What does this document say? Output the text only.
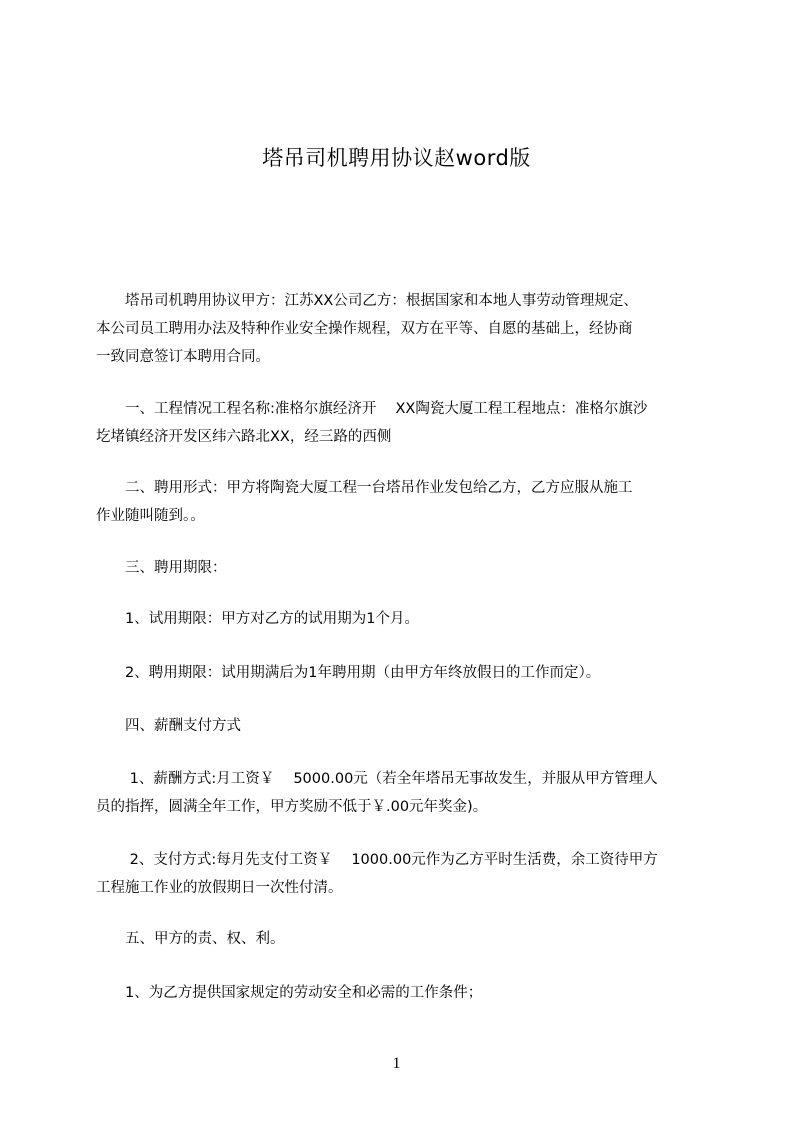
塔吊司机聘用协议赵word版
　　塔吊司机聘用协议甲方：江苏XX公司乙方：根据国家和本地人事劳动管理规定、
本公司员工聘用办法及特种作业安全操作规程，双方在平等、自愿的基础上，经协商
一致同意签订本聘用合同。
　　一、工程情况工程名称:准格尔旗经济开　 XX陶瓷大厦工程工程地点：准格尔旗沙
圪堵镇经济开发区纬六路北XX，经三路的西侧
　　二、聘用形式：甲方将陶瓷大厦工程一台塔吊作业发包给乙方，乙方应服从施工
作业随叫随到。。
　　三、聘用期限：
　　1、试用期限：甲方对乙方的试用期为1个月。
　　2、聘用期限：试用期满后为1年聘用期（由甲方年终放假日的工作而定）。
　　四、薪酬支付方式
　　 1、薪酬方式:月工资￥　 5000.00元（若全年塔吊无事故发生，并服从甲方管理人
员的指挥，圆满全年工作，甲方奖励不低于￥.00元年奖金)。
　　 2、支付方式:每月先支付工资￥　 1000.00元作为乙方平时生活费，余工资待甲方
工程施工作业的放假期日一次性付清。
　　五、甲方的责、权、利。
　　1、为乙方提供国家规定的劳动安全和必需的工作条件；
1
